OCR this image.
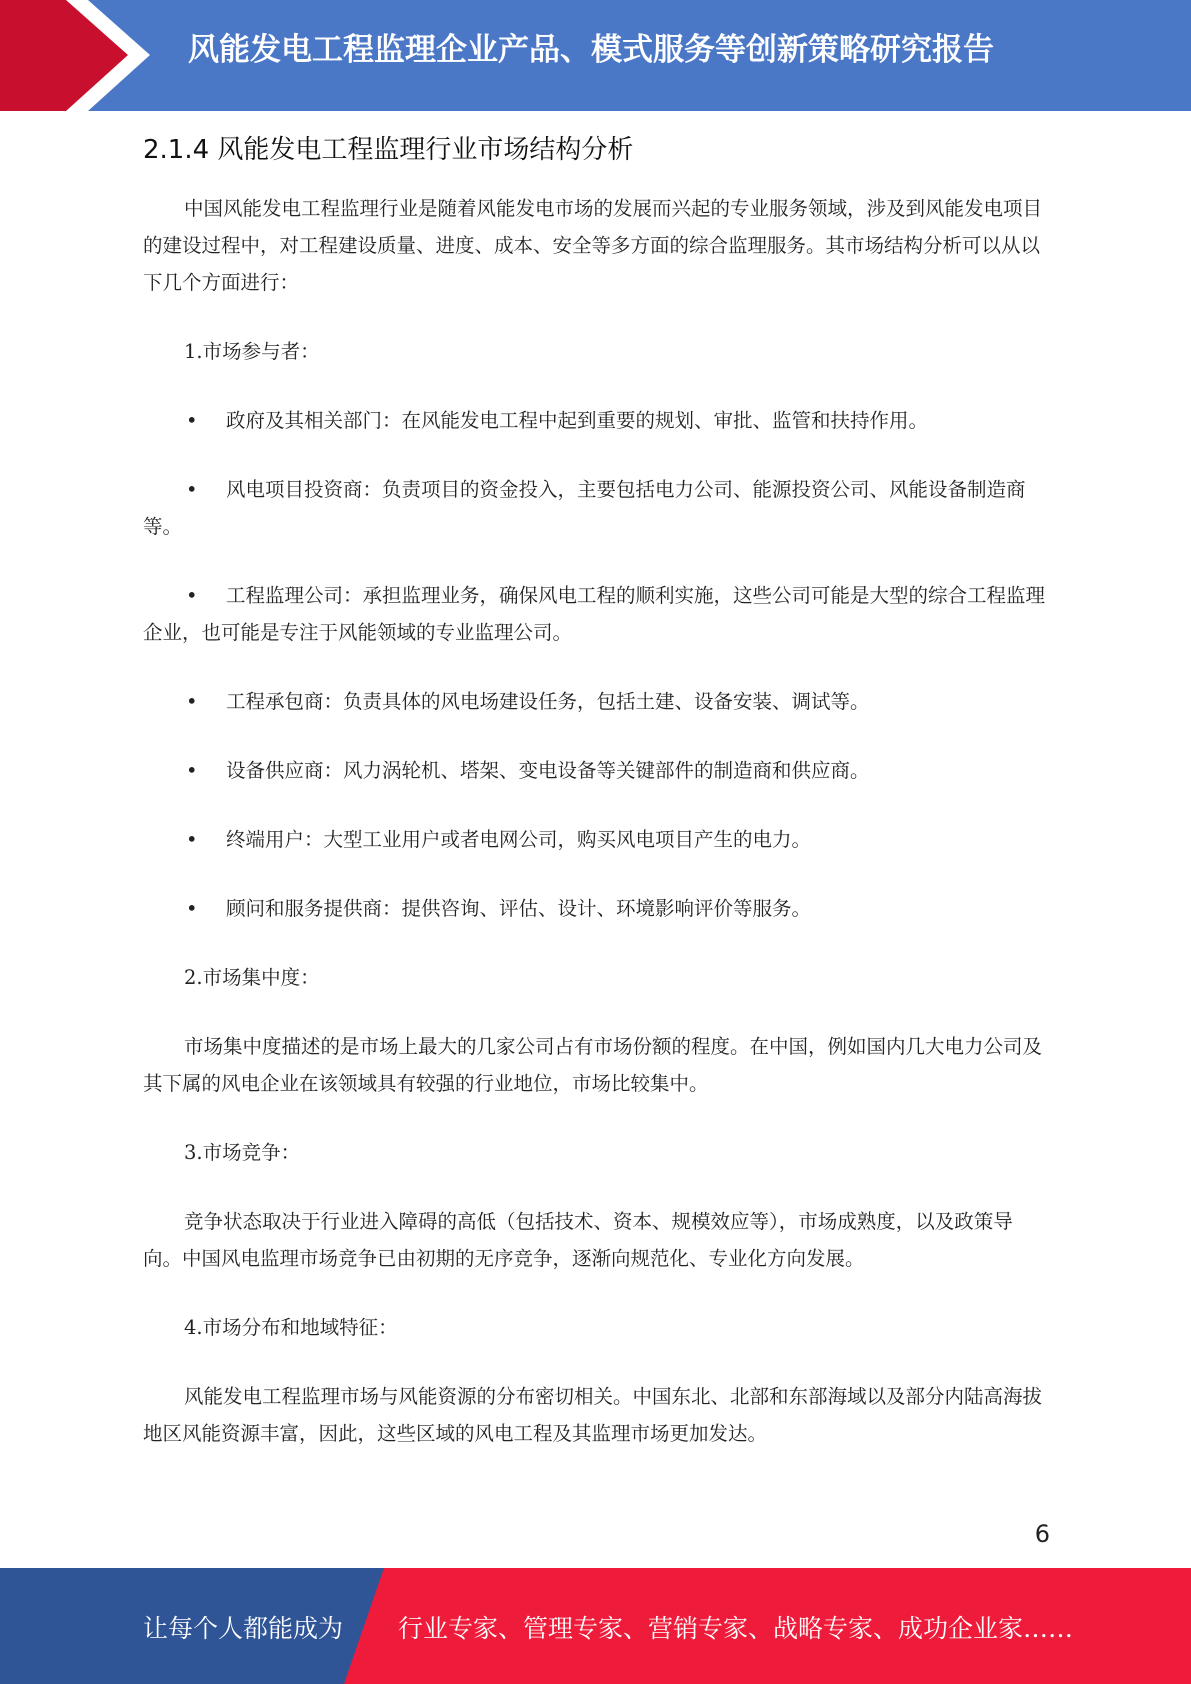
风能发电工程监理企业产品、模式服务等创新策略研究报告
2.1.4 风能发电工程监理行业市场结构分析

中国风能发电工程监理行业是随着风能发电市场的发展而兴起的专业服务领域，涉及到风能发电项目的建设过程中，对工程建设质量、进度、成本、安全等多方面的综合监理服务。其市场结构分析可以从以下几个方面进行：

1.市场参与者：

• 政府及其相关部门：在风能发电工程中起到重要的规划、审批、监管和扶持作用。

• 风电项目投资商：负责项目的资金投入，主要包括电力公司、能源投资公司、风能设备制造商等。

• 工程监理公司：承担监理业务，确保风电工程的顺利实施，这些公司可能是大型的综合工程监理企业，也可能是专注于风能领域的专业监理公司。

• 工程承包商：负责具体的风电场建设任务，包括土建、设备安装、调试等。

• 设备供应商：风力涡轮机、塔架、变电设备等关键部件的制造商和供应商。

• 终端用户：大型工业用户或者电网公司，购买风电项目产生的电力。

• 顾问和服务提供商：提供咨询、评估、设计、环境影响评价等服务。

2.市场集中度：

市场集中度描述的是市场上最大的几家公司占有市场份额的程度。在中国，例如国内几大电力公司及其下属的风电企业在该领域具有较强的行业地位，市场比较集中。

3.市场竞争：

竞争状态取决于行业进入障碍的高低（包括技术、资本、规模效应等），市场成熟度，以及政策导向。中国风电监理市场竞争已由初期的无序竞争，逐渐向规范化、专业化方向发展。

4.市场分布和地域特征：

风能发电工程监理市场与风能资源的分布密切相关。中国东北、北部和东部海域以及部分内陆高海拔地区风能资源丰富，因此，这些区域的风电工程及其监理市场更加发达。

6
让每个人都能成为 行业专家、管理专家、营销专家、战略专家、成功企业家……
